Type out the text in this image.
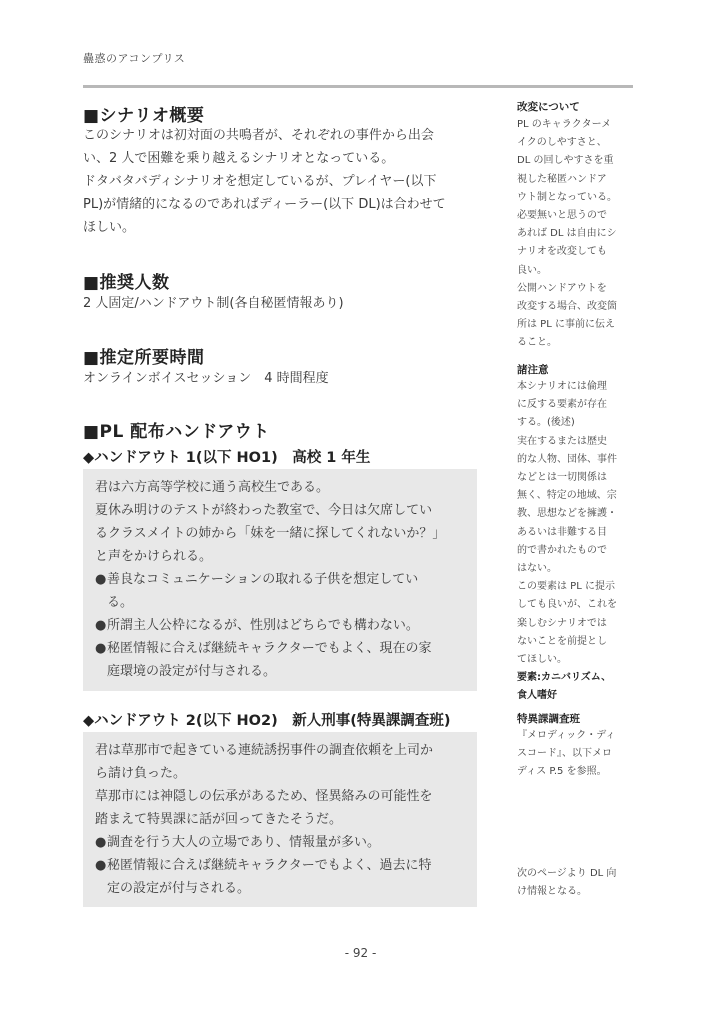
蠱惑のアコンプリス
■シナリオ概要

このシナリオは初対面の共鳴者が、それぞれの事件から出会

い、2 人で困難を乗り越えるシナリオとなっている。

ドタバタバディシナリオを想定しているが、プレイヤー(以下

PL)が情緒的になるのであればディーラー(以下 DL)は合わせて

ほしい。

■推奨人数

2 人固定/ハンドアウト制(各自秘匿情報あり)

■推定所要時間

オンラインボイスセッション　4 時間程度

■PL 配布ハンドアウト
◆ハンドアウト 1(以下 HO1)　高校 1 年生

君は六方高等学校に通う高校生である。

夏休み明けのテストが終わった教室で、今日は欠席してい

るクラスメイトの姉から「妹を一緒に探してくれないか？」

と声をかけられる。

●善良なコミュニケーションの取れる子供を想定してい

る。

●所謂主人公枠になるが、性別はどちらでも構わない。

●秘匿情報に合えば継続キャラクターでもよく、現在の家

庭環境の設定が付与される。

◆ハンドアウト 2(以下 HO2)　新人刑事(特異課調査班)

君は草那市で起きている連続誘拐事件の調査依頼を上司か

ら請け負った。

草那市には神隠しの伝承があるため、怪異絡みの可能性を

踏まえて特異課に話が回ってきたそうだ。

●調査を行う大人の立場であり、情報量が多い。

●秘匿情報に合えば継続キャラクターでもよく、過去に特

定の設定が付与される。

改変について

PL のキャラクターメ

イクのしやすさと、

DL の回しやすさを重

視した秘匿ハンドア

ウト制となっている。

必要無いと思うので

あれば DL は自由にシ

ナリオを改変しても

良い。

公開ハンドアウトを

改変する場合、改変箇

所は PL に事前に伝え

ること。

諸注意

本シナリオには倫理

に反する要素が存在

する。(後述)

実在するまたは歴史

的な人物、団体、事件

などとは一切関係は

無く、特定の地域、宗

教、思想などを擁護・

あるいは非難する目

的で書かれたもので

はない。

この要素は PL に提示

しても良いが、これを

楽しむシナリオでは

ないことを前提とし

てほしい。

要素:カニバリズム、

食人嗜好

特異課調査班

『メロディック・ディ

スコード』、以下メロ

ディス P.5 を参照。

次のページより DL 向

け情報となる。

- 92 -
